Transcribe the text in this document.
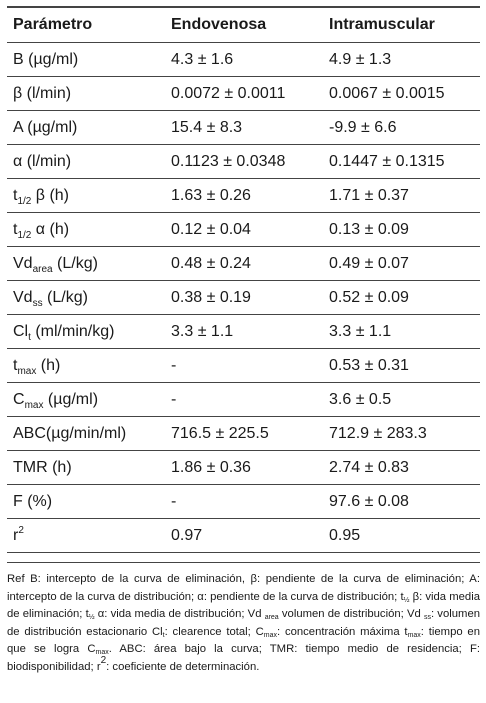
Parámetro	Endovenosa	Intramuscular
B (µg/ml)	4.3 ± 1.6	4.9 ± 1.3
β (l/min)	0.0072 ± 0.0011	0.0067 ± 0.0015
A (µg/ml)	15.4 ± 8.3	-9.9 ± 6.6
α (l/min)	0.1123 ± 0.0348	0.1447 ± 0.1315
$t_{1/2}$ β (h)	1.63 ± 0.26	1.71 ± 0.37
$t_{1/2}$ α (h)	0.12 ± 0.04	0.13 ± 0.09
$Vd_{area}$ (L/kg)	0.48 ± 0.24	0.49 ± 0.07
$Vd_{ss}$ (L/kg)	0.38 ± 0.19	0.52 ± 0.09
$Cl_t$ (ml/min/kg)	3.3 ± 1.1	3.3 ± 1.1
$t_{max}$ (h)	-	0.53 ± 0.31
$C_{max}$ (µg/ml)	-	3.6 ± 0.5
ABC(µg/min/ml)	716.5 ± 225.5	712.9 ± 283.3
TMR (h)	1.86 ± 0.36	2.74 ± 0.83
F (%)	-	97.6 ± 0.08
$r^2$	0.97	0.95
Ref B: intercepto de la curva de eliminación, β: pendiente de la curva de eliminación; A: intercepto de la curva de distribución; α: pendiente de la curva de distribución; $t_{\frac{1}{2}}$ β: vida media de eliminación; $t_{\frac{1}{2}}$ α: vida media de distribución; Vd $_{area}$ volumen de distribución; Vd $_{ss}$: volumen de distribución estacionario $Cl_t$: clearence total; $C_{max}$: concentración máxima $t_{max}$: tiempo en que se logra $C_{max}$. ABC: área bajo la curva; TMR: tiempo medio de residencia; F: biodisponibilidad; $r^2$: coeficiente de determinación.
